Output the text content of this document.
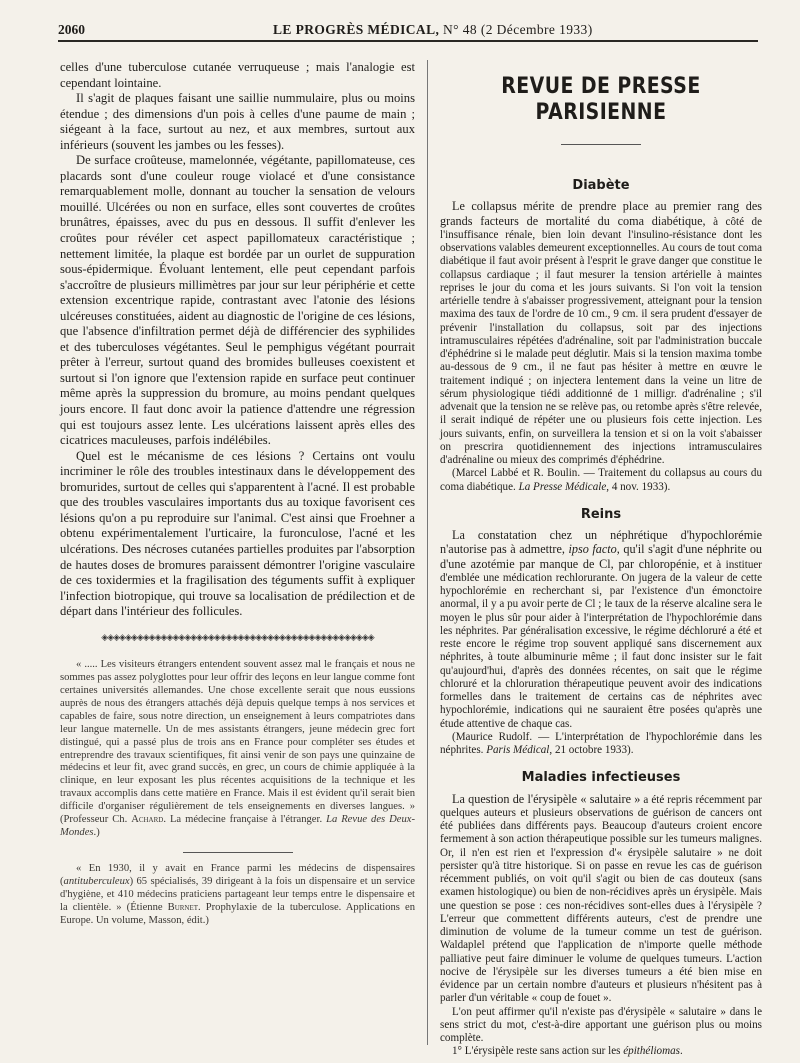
2060	LE PROGRÈS MÉDICAL, N° 48 (2 Décembre 1933)

celles d'une tuberculose cutanée verruqueuse ; mais l'analogie est cependant lointaine.

Il s'agit de plaques faisant une saillie nummulaire, plus ou moins étendue ; des dimensions d'un pois à celles d'une paume de main ; siégeant à la face, surtout au nez, et aux membres, surtout aux inférieurs (souvent les jambes ou les fesses).

De surface croûteuse, mamelonnée, végétante, papillomateuse, ces placards sont d'une couleur rouge violacé et d'une consistance remarquablement molle, donnant au toucher la sensation de velours mouillé. Ulcérées ou non en surface, elles sont couvertes de croûtes brunâtres, épaisses, avec du pus en dessous. Il suffit d'enlever les croûtes pour révéler cet aspect papillomateux caractéristique ; nettement limitée, la plaque est bordée par un ourlet de suppuration sous-épidermique. Évoluant lentement, elle peut cependant parfois s'accroître de plusieurs millimètres par jour sur leur périphérie et cette extension excentrique rapide, contrastant avec l'atonie des lésions ulcéreuses constituées, aident au diagnostic de l'origine de ces lésions, que l'absence d'infiltration permet déjà de différencier des syphilides et des tuberculoses végétantes. Seul le pemphigus végétant pourrait prêter à l'erreur, surtout quand des bromides bulleuses coexistent et surtout si l'on ignore que l'extension rapide en surface peut continuer même après la suppression du bromure, au moins pendant quelques jours encore. Il faut donc avoir la patience d'attendre une régression qui est toujours assez lente. Les ulcérations laissent après elles des cicatrices maculeuses, parfois indélébiles.

Quel est le mécanisme de ces lésions ? Certains ont voulu incriminer le rôle des troubles intestinaux dans le développement des bromurides, surtout de celles qui s'apparentent à l'acné. Il est probable que des troubles vasculaires importants dus au toxique favorisent ces lésions qu'on a pu reproduire sur l'animal. C'est ainsi que Froehner a obtenu expérimentalement l'urticaire, la furonculose, l'acné et les ulcérations. Des nécroses cutanées partielles produites par l'absorption de hautes doses de bromures paraissent démontrer l'origine vasculaire de ces toxidermies et la fragilisation des téguments suffit à expliquer l'infection biotropique, qui trouve sa localisation de prédilection et de départ dans l'intérieur des follicules.

◈◈◈◈◈◈◈◈◈◈◈◈◈◈◈◈◈◈◈◈◈◈◈◈◈◈◈◈◈◈◈◈◈◈◈◈◈◈◈◈◈◈◈◈◈◈

« ..... Les visiteurs étrangers entendent souvent assez mal le français et nous ne sommes pas assez polyglottes pour leur offrir des leçons en leur langue comme font certaines universités allemandes. Une chose excellente serait que nous eussions auprès de nous des étrangers attachés déjà depuis quelque temps à nos services et capables de faire, sous notre direction, un enseignement à leurs compatriotes dans leur langue maternelle. Un de mes assistants étrangers, jeune médecin grec fort distingué, qui a passé plus de trois ans en France pour compléter ses études et entreprendre des travaux scientifiques, fit ainsi venir de son pays une quinzaine de médecins et leur fit, avec grand succès, en grec, un cours de chimie appliquée à la clinique, en leur exposant les plus récentes acquisitions de la technique et les travaux accomplis dans cette matière en France. Mais il est évident qu'il serait bien difficile d'organiser régulièrement de tels enseignements en diverses langues. » (Professeur Ch. Achard. La médecine française à l'étranger. La Revue des Deux-Mondes.)

« En 1930, il y avait en France parmi les médecins de dispensaires (antituberculeux) 65 spécialisés, 39 dirigeant à la fois un dispensaire et un service d'hygiène, et 410 médecins praticiens partageant leur temps entre le dispensaire et la clientèle. » (Étienne Burnet. Prophylaxie de la tuberculose. Applications en Europe. Un volume, Masson, édit.)

REVUE DE PRESSE PARISIENNE
Diabète

Le collapsus mérite de prendre place au premier rang des grands facteurs de mortalité du coma diabétique, à côté de l'insuffisance rénale, bien loin devant l'insulino-résistance dont les observations valables demeurent exceptionnelles. Au cours de tout coma diabétique il faut avoir présent à l'esprit le grave danger que constitue le collapsus cardiaque ; il faut mesurer la tension artérielle à maintes reprises le jour du coma et les jours suivants. Si l'on voit la tension artérielle tendre à s'abaisser progressivement, atteignant pour la tension maxima des taux de l'ordre de 10 cm., 9 cm. il sera prudent d'essayer de prévenir l'installation du collapsus, soit par des injections intramusculaires répétées d'adrénaline, soit par l'administration buccale d'éphédrine si le malade peut déglutir. Mais si la tension maxima tombe au-dessous de 9 cm., il ne faut pas hésiter à mettre en œuvre le traitement indiqué ; on injectera lentement dans la veine un litre de sérum physiologique tiédi additionné de 1 milligr. d'adrénaline ; s'il advenait que la tension ne se relève pas, ou retombe après s'être relevée, il serait indiqué de répéter une ou plusieurs fois cette injection. Les jours suivants, enfin, on surveillera la tension et si on la voit s'abaisser on prescrira quotidiennement des injections intramusculaires d'adrénaline ou mieux des comprimés d'éphédrine.

(Marcel Labbé et R. Boulin. — Traitement du collapsus au cours du coma diabétique. La Presse Médicale, 4 nov. 1933).

Reins

La constatation chez un néphrétique d'hypochlorémie n'autorise pas à admettre, ipso facto, qu'il s'agit d'une néphrite ou d'une azotémie par manque de Cl, par chloropénie, et à instituer d'emblée une médication rechlorurante. On jugera de la valeur de cette hypochlorémie en recherchant si, par l'existence d'un émonctoire anormal, il y a pu avoir perte de Cl ; le taux de la réserve alcaline sera le moyen le plus sûr pour aider à l'interprétation de l'hypochlorémie dans les néphrites. Par généralisation excessive, le régime déchloruré a été et reste encore le régime trop souvent appliqué sans discernement aux néphrites, à toute albuminurie même ; il faut donc insister sur le fait qu'aujourd'hui, d'après des données récentes, on sait que le régime chloruré et la chloruration thérapeutique peuvent avoir des indications formelles dans le traitement de certains cas de néphrites avec hypochlorémie, indications qui ne sauraient être posées qu'après une étude attentive de chaque cas.

(Maurice Rudolf. — L'interprétation de l'hypochlorémie dans les néphrites. Paris Médical, 21 octobre 1933).

Maladies infectieuses

La question de l'érysipèle « salutaire » a été repris récemment par quelques auteurs et plusieurs observations de guérison de cancers ont été publiées dans différents pays. Beaucoup d'auteurs croient encore fermement à son action thérapeutique possible sur les tumeurs malignes. Or, il n'en est rien et l'expression d'« érysipèle salutaire » ne doit persister qu'à titre historique. Si on passe en revue les cas de guérison récemment publiés, on voit qu'il s'agit ou bien de cas douteux (sans examen histologique) ou bien de non-récidives après un érysipèle. Mais une question se pose : ces non-récidives sont-elles dues à l'érysipèle ? L'erreur que commettent différents auteurs, c'est de prendre une diminution de volume de la tumeur comme un test de guérison. Waldaplel prétend que l'application de n'importe quelle méthode palliative peut faire diminuer le volume de quelques tumeurs. L'action nocive de l'érysipèle sur les diverses tumeurs a été bien mise en évidence par un certain nombre d'auteurs et plusieurs n'hésitent pas à parler d'un véritable « coup de fouet ».

L'on peut affirmer qu'il n'existe pas d'érysipèle « salutaire » dans le sens strict du mot, c'est-à-dire apportant une guérison plus ou moins complète.

1° L'érysipèle reste sans action sur les épithéliomas.
